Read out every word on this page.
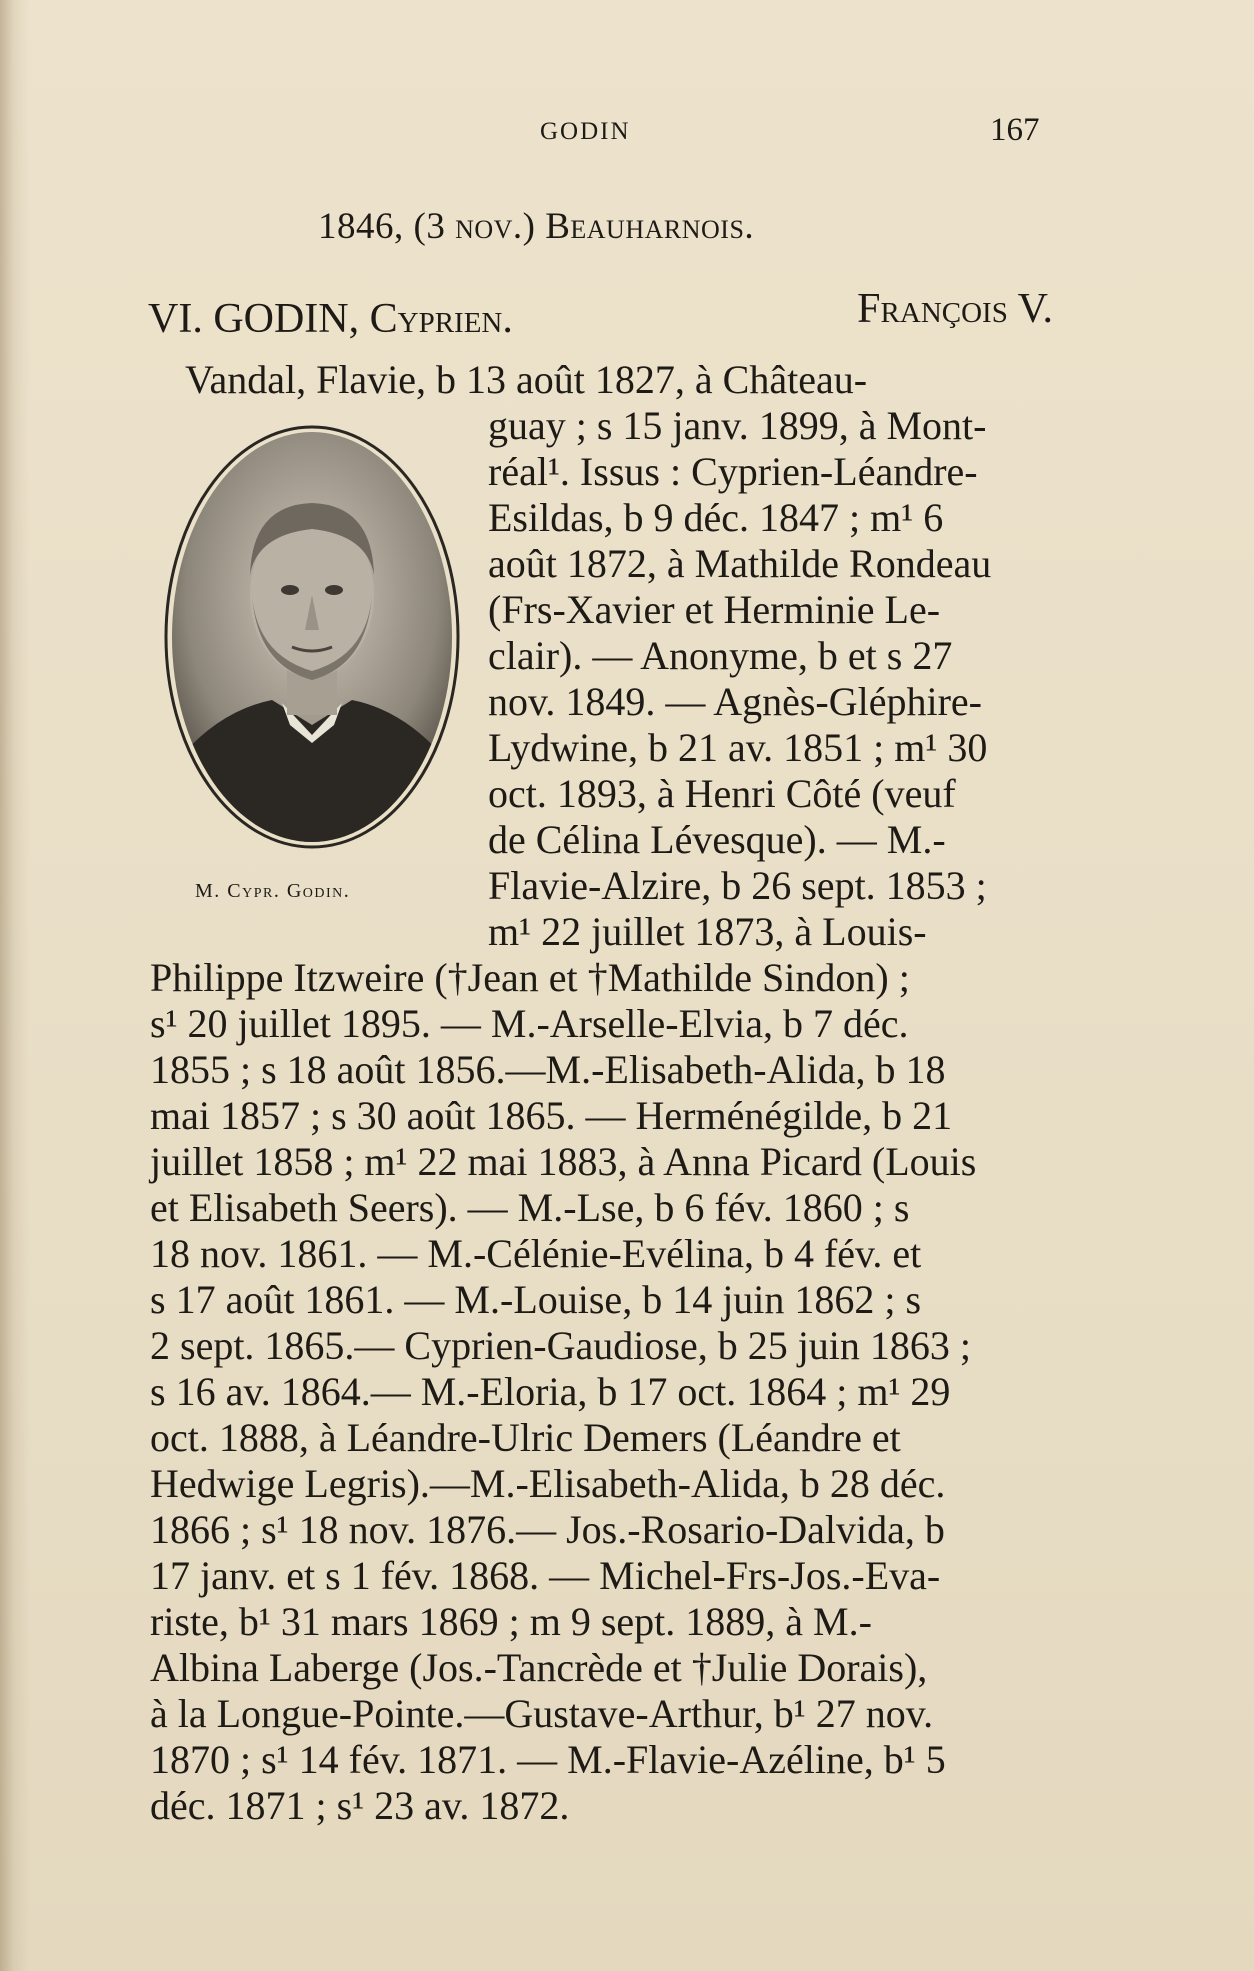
GODIN	167
1846, (3 nov.) Beauharnois.
VI. GODIN, Cyprien.	François V.
M. Cypr. Godin.
Vandal, Flavie, b 13 août 1827, à Château-
guay ; s 15 janv. 1899, à Mont-
réal¹. Issus : Cyprien-Léandre-
Esildas, b 9 déc. 1847 ; m¹ 6
août 1872, à Mathilde Rondeau
(Frs-Xavier et Herminie Le-
clair). — Anonyme, b et s 27
nov. 1849. — Agnès-Gléphire-
Lydwine, b 21 av. 1851 ; m¹ 30
oct. 1893, à Henri Côté (veuf
de Célina Lévesque). — M.-
Flavie-Alzire, b 26 sept. 1853 ;
m¹ 22 juillet 1873, à Louis-
Philippe Itzweire (†Jean et †Mathilde Sindon) ;
s¹ 20 juillet 1895. — M.-Arselle-Elvia, b 7 déc.
1855 ; s 18 août 1856.—M.-Elisabeth-Alida, b 18
mai 1857 ; s 30 août 1865. — Herménégilde, b 21
juillet 1858 ; m¹ 22 mai 1883, à Anna Picard (Louis
et Elisabeth Seers). — M.-Lse, b 6 fév. 1860 ; s
18 nov. 1861. — M.-Célénie-Evélina, b 4 fév. et
s 17 août 1861. — M.-Louise, b 14 juin 1862 ; s
2 sept. 1865.— Cyprien-Gaudiose, b 25 juin 1863 ;
s 16 av. 1864.— M.-Eloria, b 17 oct. 1864 ; m¹ 29
oct. 1888, à Léandre-Ulric Demers (Léandre et
Hedwige Legris).—M.-Elisabeth-Alida, b 28 déc.
1866 ; s¹ 18 nov. 1876.— Jos.-Rosario-Dalvida, b
17 janv. et s 1 fév. 1868. — Michel-Frs-Jos.-Eva-
riste, b¹ 31 mars 1869 ; m 9 sept. 1889, à M.-
Albina Laberge (Jos.-Tancrède et †Julie Dorais),
à la Longue-Pointe.—Gustave-Arthur, b¹ 27 nov.
1870 ; s¹ 14 fév. 1871. — M.-Flavie-Azéline, b¹ 5
déc. 1871 ; s¹ 23 av. 1872.
